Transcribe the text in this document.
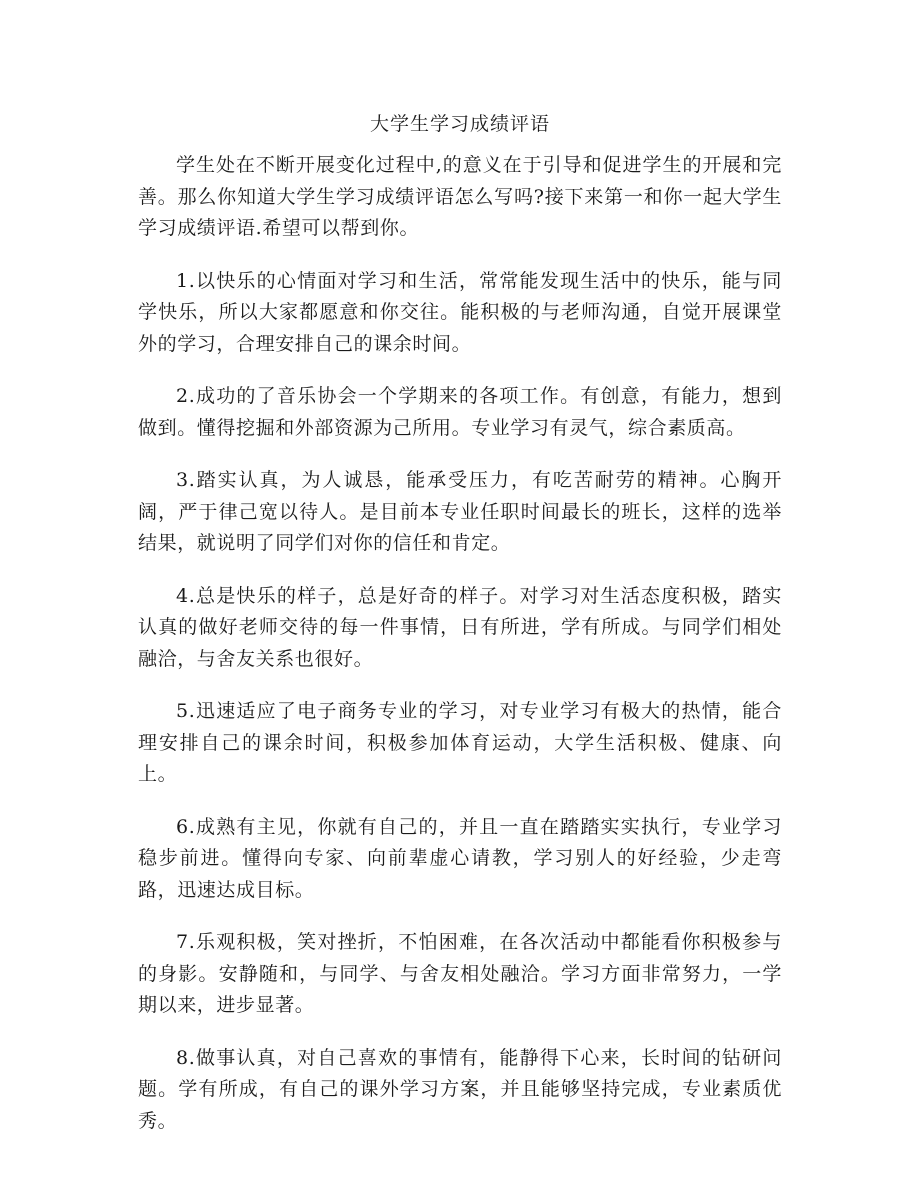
大学生学习成绩评语

学生处在不断开展变化过程中,的意义在于引导和促进学生的开展和完善。那么你知道大学生学习成绩评语怎么写吗?接下来第一和你一起大学生学习成绩评语.希望可以帮到你。

1.以快乐的心情面对学习和生活，常常能发现生活中的快乐，能与同学快乐，所以大家都愿意和你交往。能积极的与老师沟通，自觉开展课堂外的学习，合理安排自己的课余时间。

2.成功的了音乐协会一个学期来的各项工作。有创意，有能力，想到做到。懂得挖掘和外部资源为己所用。专业学习有灵气，综合素质高。

3.踏实认真，为人诚恳，能承受压力，有吃苦耐劳的精神。心胸开阔，严于律己宽以待人。是目前本专业任职时间最长的班长，这样的选举结果，就说明了同学们对你的信任和肯定。

4.总是快乐的样子，总是好奇的样子。对学习对生活态度积极，踏实认真的做好老师交待的每一件事情，日有所进，学有所成。与同学们相处融洽，与舍友关系也很好。

5.迅速适应了电子商务专业的学习，对专业学习有极大的热情，能合理安排自己的课余时间，积极参加体育运动，大学生活积极、健康、向上。

6.成熟有主见，你就有自己的，并且一直在踏踏实实执行，专业学习稳步前进。懂得向专家、向前辈虚心请教，学习别人的好经验，少走弯路，迅速达成目标。

7.乐观积极，笑对挫折，不怕困难，在各次活动中都能看你积极参与的身影。安静随和，与同学、与舍友相处融洽。学习方面非常努力，一学期以来，进步显著。

8.做事认真，对自己喜欢的事情有，能静得下心来，长时间的钻研问题。学有所成，有自己的课外学习方案，并且能够坚持完成，专业素质优秀。
